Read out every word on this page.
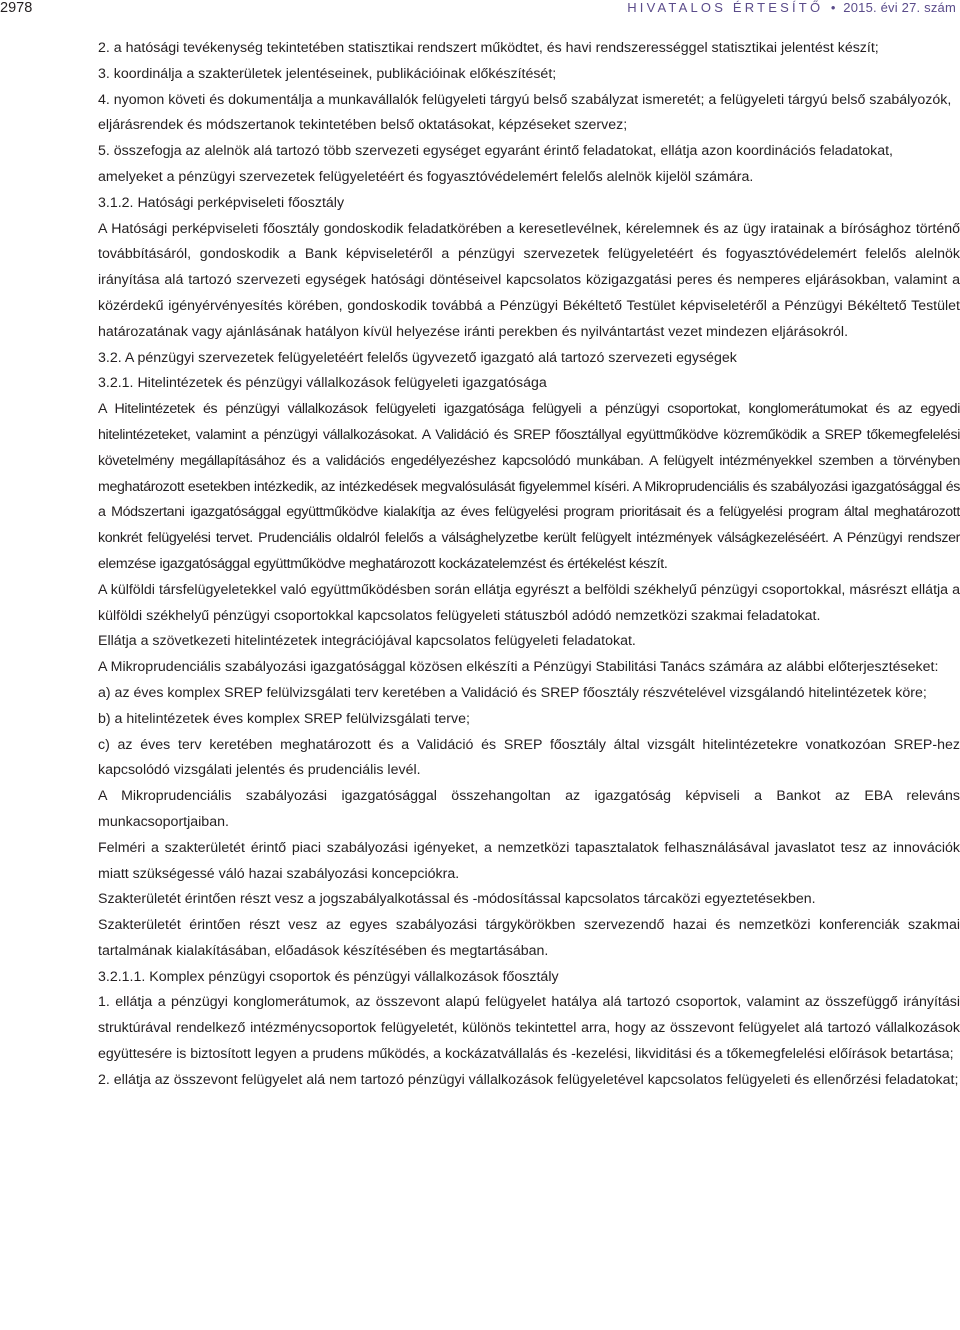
2978	HIVATALOS ÉRTESÍTŐ • 2015. évi 27. szám

2. a hatósági tevékenység tekintetében statisztikai rendszert működtet, és havi rendszerességgel statisztikai jelentést készít;

3. koordinálja a szakterületek jelentéseinek, publikációinak előkészítését;

4. nyomon követi és dokumentálja a munkavállalók felügyeleti tárgyú belső szabályzat ismeretét; a felügyeleti tárgyú belső szabályozók, eljárásrendek és módszertanok tekintetében belső oktatásokat, képzéseket szervez;

5. összefogja az alelnök alá tartozó több szervezeti egységet egyaránt érintő feladatokat, ellátja azon koordinációs feladatokat, amelyeket a pénzügyi szervezetek felügyeletéért és fogyasztóvédelemért felelős alelnök kijelöl számára.

3.1.2. Hatósági perképviseleti főosztály

A Hatósági perképviseleti főosztály gondoskodik feladatkörében a keresetlevélnek, kérelemnek és az ügy iratainak a bírósághoz történő továbbításáról, gondoskodik a Bank képviseletéről a pénzügyi szervezetek felügyeletéért és fogyasztóvédelemért felelős alelnök irányítása alá tartozó szervezeti egységek hatósági döntéseivel kapcsolatos közigazgatási peres és nemperes eljárásokban, valamint a közérdekű igényérvényesítés körében, gondoskodik továbbá a Pénzügyi Békéltető Testület képviseletéről a Pénzügyi Békéltető Testület határozatának vagy ajánlásának hatályon kívül helyezése iránti perekben és nyilvántartást vezet mindezen eljárásokról.

3.2. A pénzügyi szervezetek felügyeletéért felelős ügyvezető igazgató alá tartozó szervezeti egységek

3.2.1. Hitelintézetek és pénzügyi vállalkozások felügyeleti igazgatósága

A Hitelintézetek és pénzügyi vállalkozások felügyeleti igazgatósága felügyeli a pénzügyi csoportokat, konglomerátumokat és az egyedi hitelintézeteket, valamint a pénzügyi vállalkozásokat. A Validáció és SREP főosztállyal együttműködve közreműködik a SREP tőkemegfelelési követelmény megállapításához és a validációs engedélyezéshez kapcsolódó munkában. A felügyelt intézményekkel szemben a törvényben meghatározott esetekben intézkedik, az intézkedések megvalósulását figyelemmel kíséri. A Mikroprudenciális és szabályozási igazgatósággal és a Módszertani igazgatósággal együttműködve kialakítja az éves felügyelési program prioritásait és a felügyelési program által meghatározott konkrét felügyelési tervet. Prudenciális oldalról felelős a válsághelyzetbe került felügyelt intézmények válságkezeléséért. A Pénzügyi rendszer elemzése igazgatósággal együttműködve meghatározott kockázatelemzést és értékelést készít.

A külföldi társfelügyeletekkel való együttműködésben során ellátja egyrészt a belföldi székhelyű pénzügyi csoportokkal, másrészt ellátja a külföldi székhelyű pénzügyi csoportokkal kapcsolatos felügyeleti státuszból adódó nemzetközi szakmai feladatokat.

Ellátja a szövetkezeti hitelintézetek integrációjával kapcsolatos felügyeleti feladatokat.

A Mikroprudenciális szabályozási igazgatósággal közösen elkészíti a Pénzügyi Stabilitási Tanács számára az alábbi előterjesztéseket:

a) az éves komplex SREP felülvizsgálati terv keretében a Validáció és SREP főosztály részvételével vizsgálandó hitelintézetek köre;

b) a hitelintézetek éves komplex SREP felülvizsgálati terve;

c) az éves terv keretében meghatározott és a Validáció és SREP főosztály által vizsgált hitelintézetekre vonatkozóan SREP-hez kapcsolódó vizsgálati jelentés és prudenciális levél.

A Mikroprudenciális szabályozási igazgatósággal összehangoltan az igazgatóság képviseli a Bankot az EBA releváns munkacsoportjaiban.

Felméri a szakterületét érintő piaci szabályozási igényeket, a nemzetközi tapasztalatok felhasználásával javaslatot tesz az innovációk miatt szükségessé váló hazai szabályozási koncepciókra.

Szakterületét érintően részt vesz a jogszabályalkotással és -módosítással kapcsolatos tárcaközi egyeztetésekben.

Szakterületét érintően részt vesz az egyes szabályozási tárgykörökben szervezendő hazai és nemzetközi konferenciák szakmai tartalmának kialakításában, előadások készítésében és megtartásában.

3.2.1.1. Komplex pénzügyi csoportok és pénzügyi vállalkozások főosztály

1. ellátja a pénzügyi konglomerátumok, az összevont alapú felügyelet hatálya alá tartozó csoportok, valamint az összefüggő irányítási struktúrával rendelkező intézménycsoportok felügyeletét, különös tekintettel arra, hogy az összevont felügyelet alá tartozó vállalkozások együttesére is biztosított legyen a prudens működés, a kockázatvállalás és -kezelési, likviditási és a tőkemegfelelési előírások betartása;

2. ellátja az összevont felügyelet alá nem tartozó pénzügyi vállalkozások felügyeletével kapcsolatos felügyeleti és ellenőrzési feladatokat;
